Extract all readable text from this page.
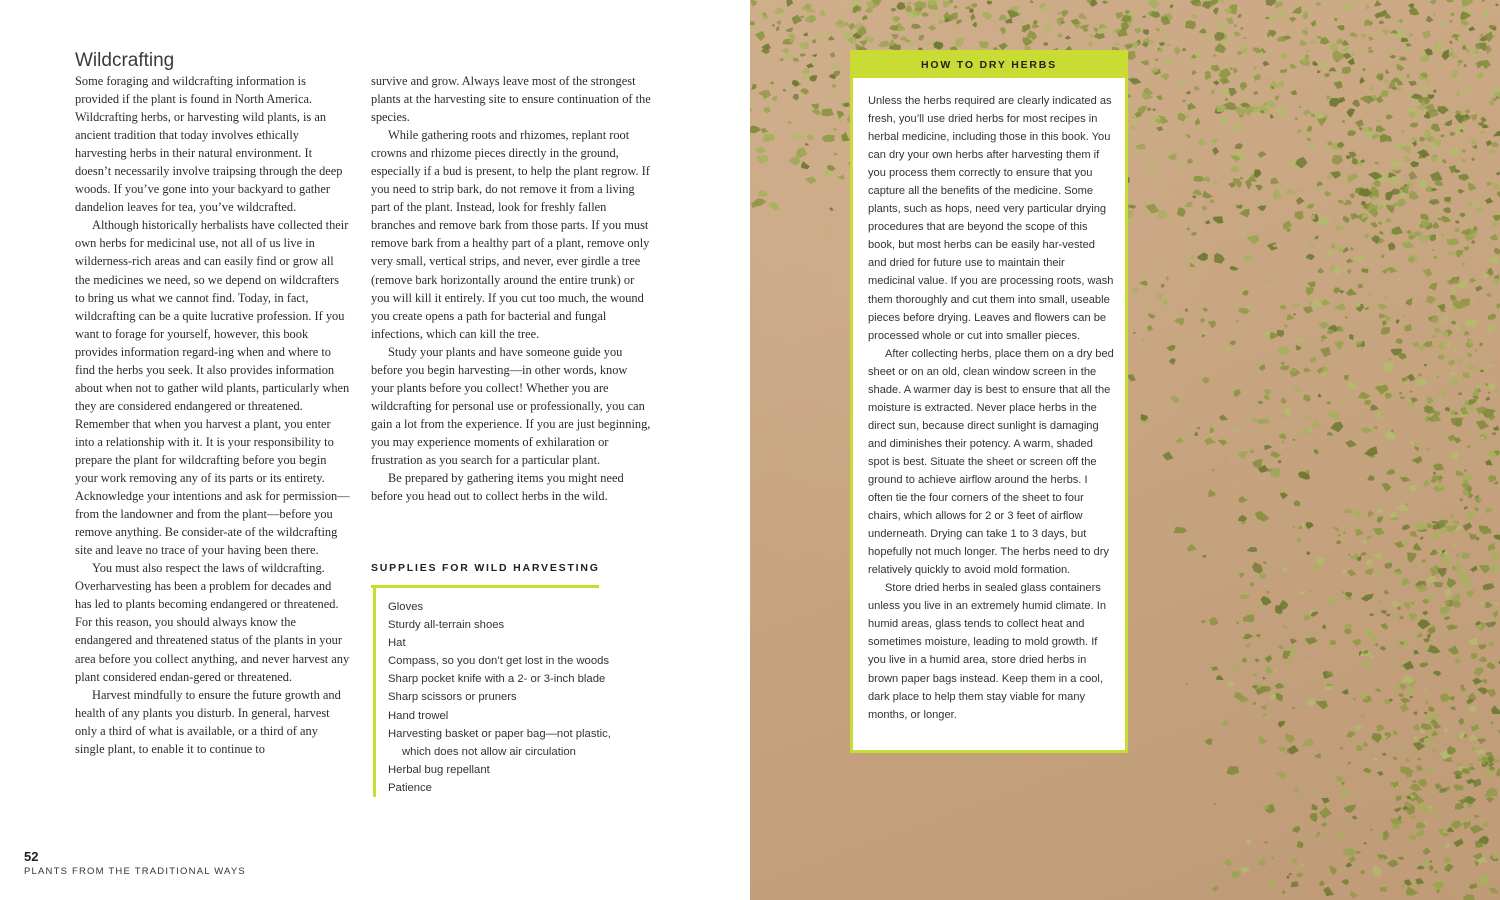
Wildcrafting

Some foraging and wildcrafting information is provided if the plant is found in North America. Wildcrafting herbs, or harvesting wild plants, is an ancient tradition that today involves ethically harvesting herbs in their natural environment. It doesn’t necessarily involve traipsing through the deep woods. If you’ve gone into your backyard to gather dandelion leaves for tea, you’ve wildcrafted.

Although historically herbalists have collected their own herbs for medicinal use, not all of us live in wilderness-rich areas and can easily find or grow all the medicines we need, so we depend on wildcrafters to bring us what we cannot find. Today, in fact, wildcrafting can be a quite lucrative profession. If you want to forage for yourself, however, this book provides information regard-ing when and where to find the herbs you seek. It also provides information about when not to gather wild plants, particularly when they are considered endangered or threatened. Remember that when you harvest a plant, you enter into a relationship with it. It is your responsibility to prepare the plant for wildcrafting before you begin your work removing any of its parts or its entirety. Acknowledge your intentions and ask for permission—from the landowner and from the plant—before you remove anything. Be consider-ate of the wildcrafting site and leave no trace of your having been there.

You must also respect the laws of wildcrafting. Overharvesting has been a problem for decades and has led to plants becoming endangered or threatened. For this reason, you should always know the endangered and threatened status of the plants in your area before you collect anything, and never harvest any plant considered endan-gered or threatened.

Harvest mindfully to ensure the future growth and health of any plants you disturb. In general, harvest only a third of what is available, or a third of any single plant, to enable it to continue to

survive and grow. Always leave most of the strongest plants at the harvesting site to ensure continuation of the species.

While gathering roots and rhizomes, replant root crowns and rhizome pieces directly in the ground, especially if a bud is present, to help the plant regrow. If you need to strip bark, do not remove it from a living part of the plant. Instead, look for freshly fallen branches and remove bark from those parts. If you must remove bark from a healthy part of a plant, remove only very small, vertical strips, and never, ever girdle a tree (remove bark horizontally around the entire trunk) or you will kill it entirely. If you cut too much, the wound you create opens a path for bacterial and fungal infections, which can kill the tree.

Study your plants and have someone guide you before you begin harvesting—in other words, know your plants before you collect! Whether you are wildcrafting for personal use or professionally, you can gain a lot from the experience. If you are just beginning, you may experience moments of exhilaration or frustration as you search for a particular plant.

Be prepared by gathering items you might need before you head out to collect herbs in the wild.

SUPPLIES FOR WILD HARVESTING
Gloves
Sturdy all-terrain shoes
Hat
Compass, so you don’t get lost in the woods
Sharp pocket knife with a 2- or 3-inch blade
Sharp scissors or pruners
Hand trowel
Harvesting basket or paper bag—not plastic,
which does not allow air circulation
Herbal bug repellant
Patience
52
PLANTS FROM THE TRADITIONAL WAYS
HOW TO DRY HERBS

Unless the herbs required are clearly indicated as fresh, you’ll use dried herbs for most recipes in herbal medicine, including those in this book. You can dry your own herbs after harvesting them if you process them correctly to ensure that you capture all the benefits of the medicine. Some plants, such as hops, need very particular drying procedures that are beyond the scope of this book, but most herbs can be easily har-vested and dried for future use to maintain their medicinal value. If you are processing roots, wash them thoroughly and cut them into small, useable pieces before drying. Leaves and flowers can be processed whole or cut into smaller pieces.

After collecting herbs, place them on a dry bed sheet or on an old, clean window screen in the shade. A warmer day is best to ensure that all the moisture is extracted. Never place herbs in the direct sun, because direct sunlight is damaging and diminishes their potency. A warm, shaded spot is best. Situate the sheet or screen off the ground to achieve airflow around the herbs. I often tie the four corners of the sheet to four chairs, which allows for 2 or 3 feet of airflow underneath. Drying can take 1 to 3 days, but hopefully not much longer. The herbs need to dry relatively quickly to avoid mold formation.

Store dried herbs in sealed glass containers unless you live in an extremely humid climate. In humid areas, glass tends to collect heat and sometimes moisture, leading to mold growth. If you live in a humid area, store dried herbs in brown paper bags instead. Keep them in a cool, dark place to help them stay viable for many months, or longer.
